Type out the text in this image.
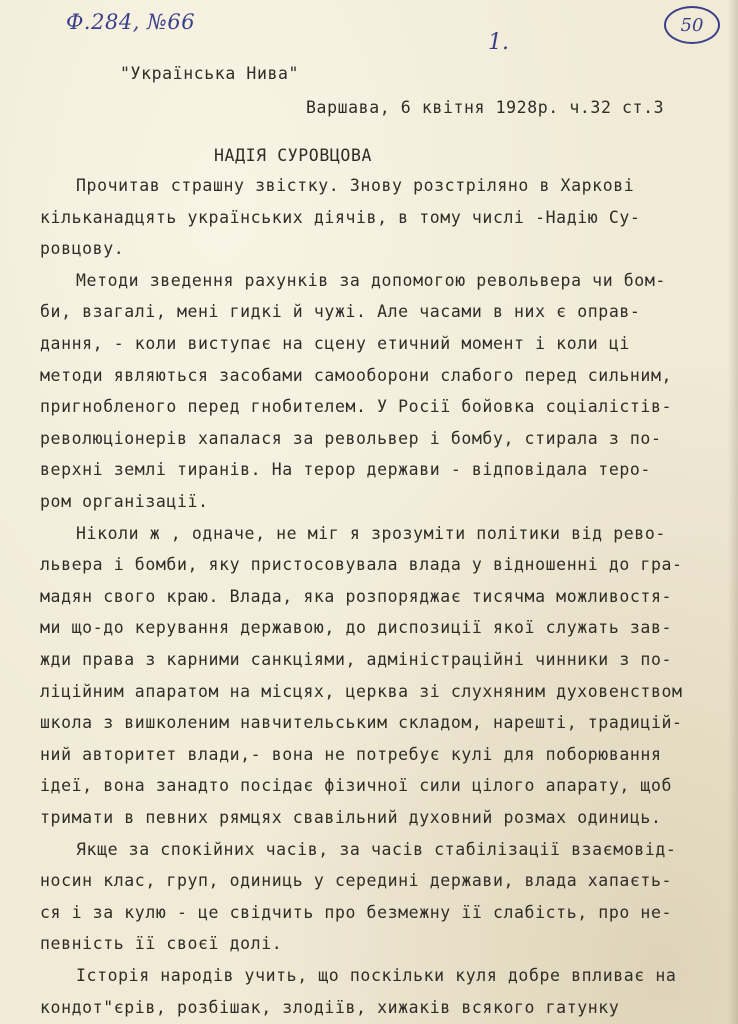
Ф.284, №66
1.
50
"Українська Нива"
Варшава, 6 квітня 1928р. ч.32 ст.3
НАДІЯ СУРОВЦОВА
Прочитав страшну звістку. Знову розстріляно в Харкові
кільканадцять українських діячів, в тому числі -Надію Су-
ровцову.
Методи зведення рахунків за допомогою револьвера чи бом-
би, взагалі, мені гидкі й чужі. Але часами в них є оправ-
дання, - коли виступає на сцену етичний момент і коли ці
методи являються засобами самооборони слабого перед сильним,
пригнобленого перед гнобителем. У Росії бойовка соціалістів-
революціонерів хапалася за револьвер і бомбу, стирала з по-
верхні землі тиранів. На терор держави - відповідала теро-
ром організації.
Ніколи ж , одначе, не міг я зрозуміти політики від рево-
львера і бомби, яку пристосовувала влада у відношенні до гра-
мадян свого краю. Влада, яка розпоряджає тисячма можливостя-
ми що-до керування державою, до диспозиції якої служать зав-
жди права з карними санкціями, адміністраційні чинники з по-
ліційним апаратом на місцях, церква зі слухняним духовенством
школа з вишколеним навчительським складом, нарешті, традицій-
ний авторитет влади,- вона не потребує кулі для поборювання
ідеї, вона занадто посідає фізичної сили цілого апарату, щоб
тримати в певних рямцях свавільний духовний розмах одиниць.
Якще за спокійних часів, за часів стабілізації взаємовід-
носин клас, груп, одиниць у середині держави, влада хапаєть-
ся і за кулю - це свідчить про безмежну її слабість, про не-
певність її своєї долі.
Історія народів учить, що поскільки куля добре впливає на
кондот"єрів, розбішак, злодіїв, хижаків всякого гатунку
